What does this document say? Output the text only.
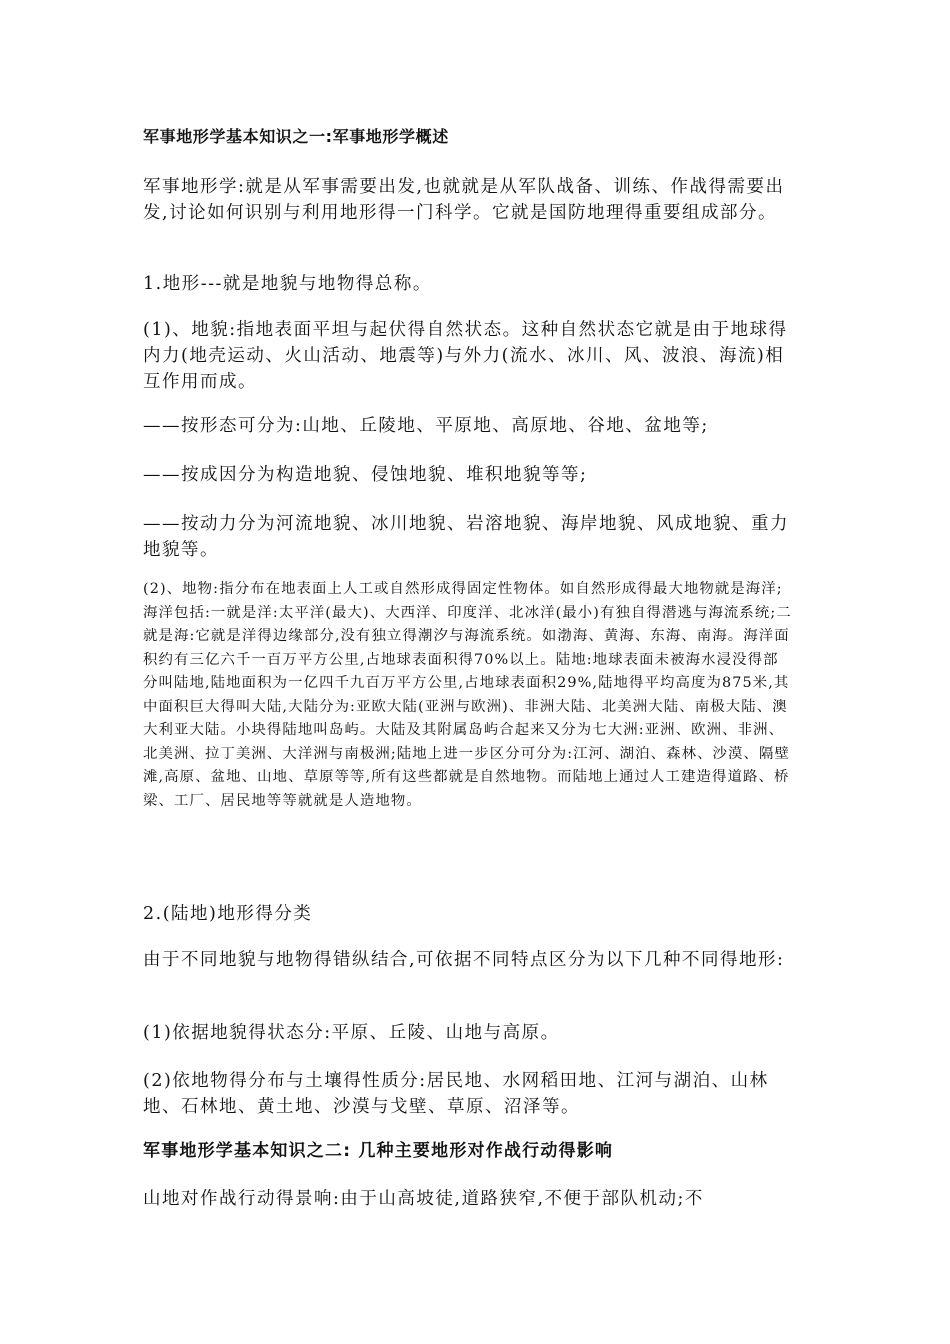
军事地形学基本知识之一:军事地形学概述

军事地形学:就是从军事需要出发,也就就是从军队战备、训练、作战得需要出发,讨论如何识别与利用地形得一门科学。它就是国防地理得重要组成部分。

1.地形---就是地貌与地物得总称。

(1)、地貌:指地表面平坦与起伏得自然状态。这种自然状态它就是由于地球得内力(地壳运动、火山活动、地震等)与外力(流水、冰川、风、波浪、海流)相互作用而成。

——按形态可分为:山地、丘陵地、平原地、高原地、谷地、盆地等;

——按成因分为构造地貌、侵蚀地貌、堆积地貌等等;

——按动力分为河流地貌、冰川地貌、岩溶地貌、海岸地貌、风成地貌、重力地貌等。

(2)、地物:指分布在地表面上人工或自然形成得固定性物体。如自然形成得最大地物就是海洋;海洋包括:一就是洋:太平洋(最大)、大西洋、印度洋、北冰洋(最小)有独自得潜逃与海流系统;二就是海:它就是洋得边缘部分,没有独立得潮汐与海流系统。如渤海、黄海、东海、南海。海洋面积约有三亿六千一百万平方公里,占地球表面积得70%以上。陆地:地球表面未被海水浸没得部分叫陆地,陆地面积为一亿四千九百万平方公里,占地球表面积29%,陆地得平均高度为875米,其中面积巨大得叫大陆,大陆分为:亚欧大陆(亚洲与欧洲)、非洲大陆、北美洲大陆、南极大陆、澳大利亚大陆。小块得陆地叫岛屿。大陆及其附属岛屿合起来又分为七大洲:亚洲、欧洲、非洲、北美洲、拉丁美洲、大洋洲与南极洲;陆地上进一步区分可分为:江河、湖泊、森林、沙漠、隔壁滩,高原、盆地、山地、草原等等,所有这些都就是自然地物。而陆地上通过人工建造得道路、桥梁、工厂、居民地等等就就是人造地物。

2.(陆地)地形得分类

由于不同地貌与地物得错纵结合,可依据不同特点区分为以下几种不同得地形:

(1)依据地貌得状态分:平原、丘陵、山地与高原。

(2)依地物得分布与土壤得性质分:居民地、水网稻田地、江河与湖泊、山林地、石林地、黄土地、沙漠与戈壁、草原、沼泽等。

军事地形学基本知识之二: 几种主要地形对作战行动得影响

山地对作战行动得景响:由于山高坡徒,道路狭窄,不便于部队机动;不
